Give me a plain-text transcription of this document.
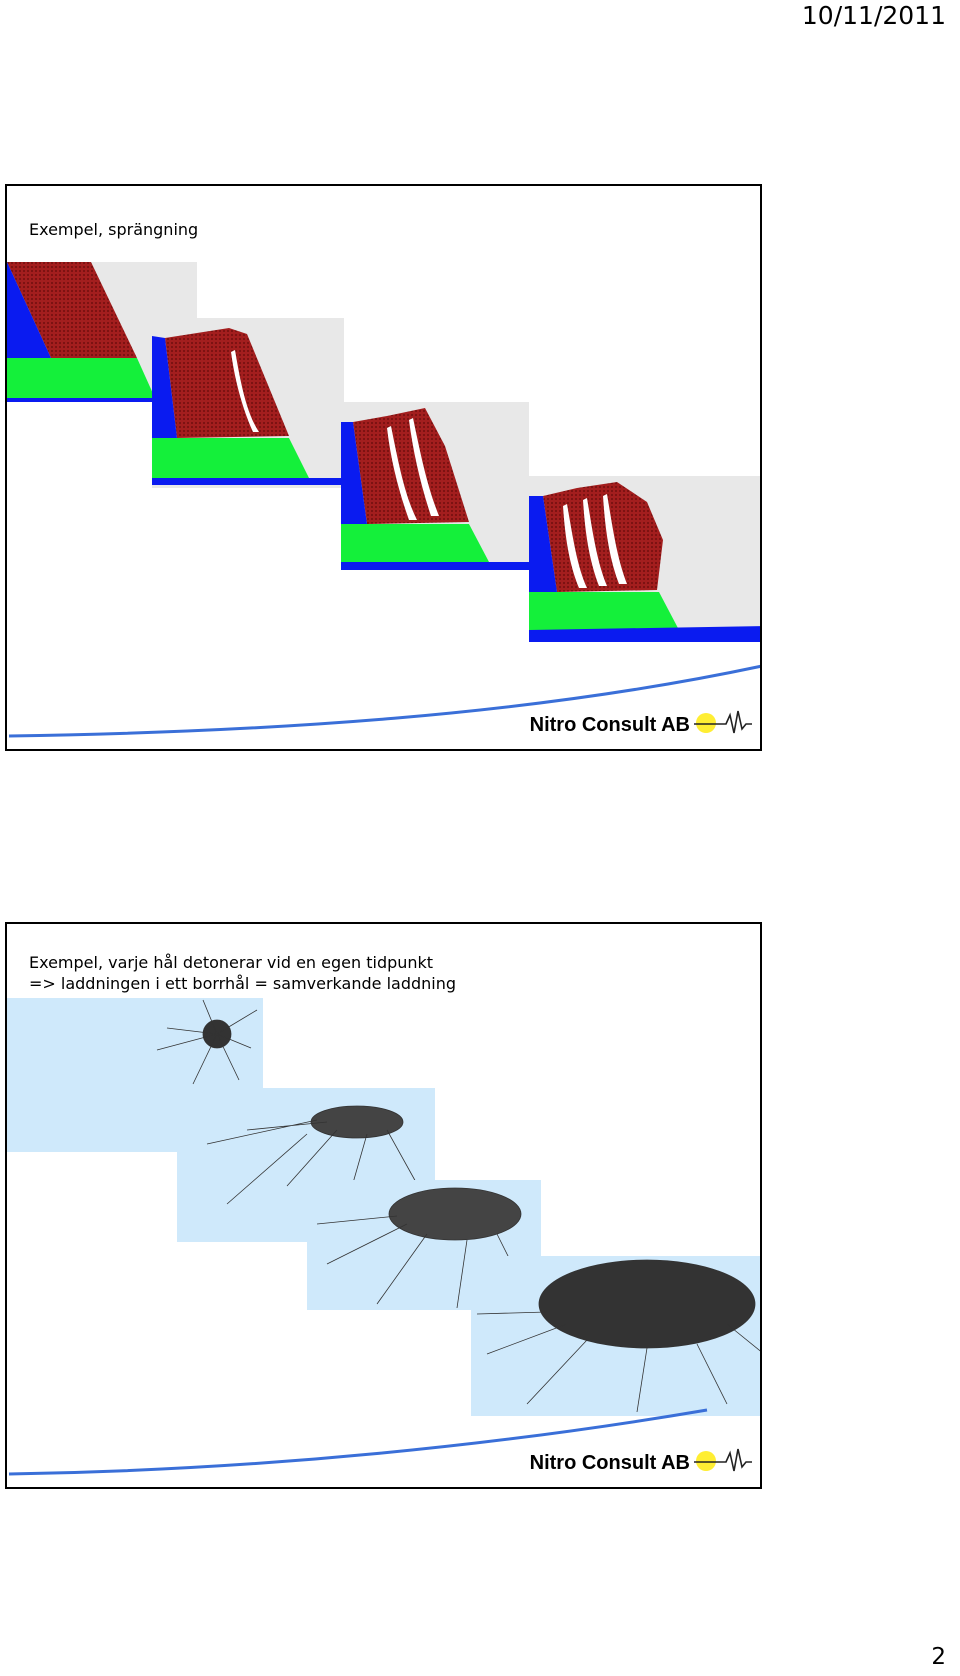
10/11/2011
Exempel, sprängning
Nitro Consult AB
Exempel, varje hål detonerar vid en egen tidpunkt
=> laddningen i ett borrhål = samverkande laddning
Nitro Consult AB
2
